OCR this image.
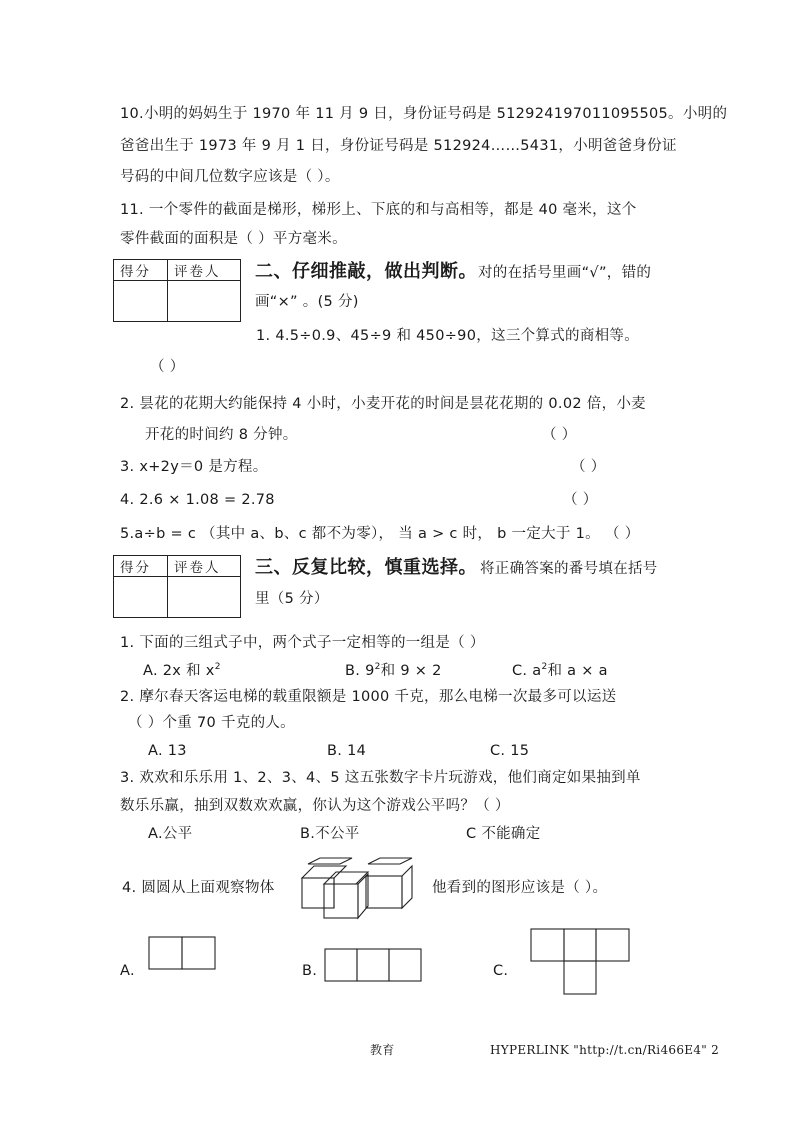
10.小明的妈妈生于 1970 年 11 月 9 日，身份证号码是 512924197011095505。小明的
爸爸出生于 1973 年 9 月 1 日，身份证号码是 512924……5431，小明爸爸身份证
号码的中间几位数字应该是（ ）。
11. 一个零件的截面是梯形，梯形上、下底的和与高相等，都是 40 毫米，这个
零件截面的面积是（ ）平方毫米。
得分	评卷人
	二、仔细推敲，做出判断。 对的在括号里画“√”，错的
画“×” 。(5 分)
1. 4.5÷0.9、45÷9 和 450÷90，这三个算式的商相等。
（ ）
2. 昙花的花期大约能保持 4 小时，小麦开花的时间是昙花花期的 0.02 倍，小麦
开花的时间约 8 分钟。	（ ）
3. x+2y＝0 是方程。	（ ）
4. 2.6 × 1.08 = 2.78	（ ）
5.a÷b = c （其中 a、b、c 都不为零）， 当 a > c 时， b 一定大于 1。 （ ）
得分	评卷人
	三、反复比较，慎重选择。 将正确答案的番号填在括号
里（5 分）
1. 下面的三组式子中，两个式子一定相等的一组是（ ）
A. 2x 和 $x^2$	B. $9^2$和 9 × 2	C. $a^2$和 a × a
2. 摩尔春天客运电梯的载重限额是 1000 千克，那么电梯一次最多可以运送
（ ）个重 70 千克的人。
A. 13	B. 14	C. 15
3. 欢欢和乐乐用 1、2、3、4、5 这五张数字卡片玩游戏，他们商定如果抽到单
数乐乐赢，抽到双数欢欢赢，你认为这个游戏公平吗？（ ）
A.公平	B.不公平	C 不能确定
4. 圆圆从上面观察物体	他看到的图形应该是（ ）。
A.	B.	C.
教育	HYPERLINK "http://t.cn/Ri466E4" 2
